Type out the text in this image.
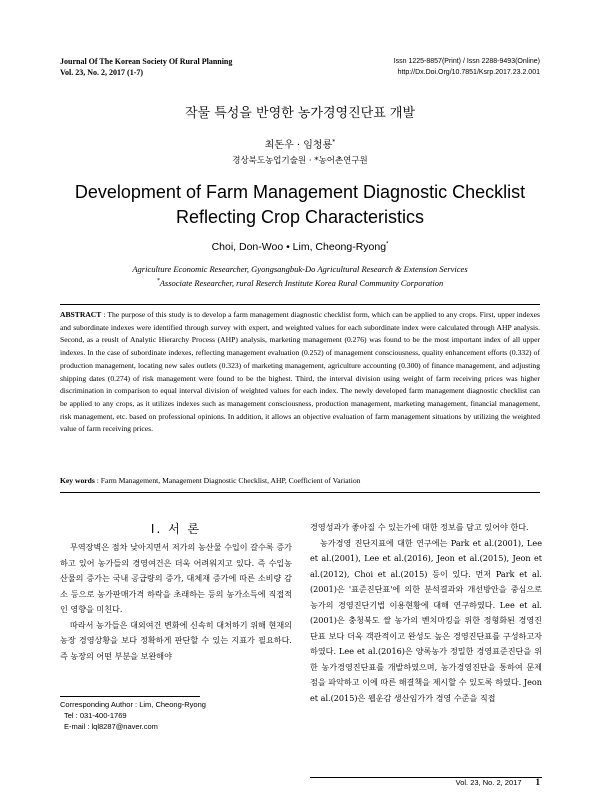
Journal Of The Korean Society Of Rural Planning
Vol. 23, No. 2, 2017 (1-7)
Issn 1225-8857(Print) / Issn 2288-9493(Online)
http://Dx.Doi.Org/10.7851/Ksrp.2017.23.2.001
작물 특성을 반영한 농가경영진단표 개발
최돈우 · 임청룡*
경상북도농업기술원 · *농어촌연구원
Development of Farm Management Diagnostic Checklist Reflecting Crop Characteristics
Choi, Don-Woo • Lim, Cheong-Ryong*
Agriculture Economic Researcher, Gyongsangbuk-Do Agricultural Research & Extension Services
*Associate Researcher, rural Reserch Institute Korea Rural Community Corporation

ABSTRACT : The purpose of this study is to develop a farm management diagnostic checklist form, which can be applied to any crops. First, upper indexes and subordinate indexes were identified through survey with expert, and weighted values for each subordinate index were calculated through AHP analysis. Second, as a reuslt of Analytic Hierarchy Process (AHP) analysis, marketing management (0.276) was found to be the most important index of all upper indexes. In the case of subordinate indexes, reflecting management evaluation (0.252) of management consciousness, quality enhancement efforts (0.332) of production management, locating new sales outlets (0.323) of marketing management, agriculture accounting (0.300) of finance management, and adjusting shipping dates (0.274) of risk management were found to be the highest. Third, the interval division using weight of farm receiving prices was higher discrimination in comparison to equal interval division of weighted values for each index. The newly developed farm management diagnostic checklist can be applied to any crops, as it utilizes indexes such as management consciousness, production management, marketing management, financial management, risk management, etc. based on professional opinions. In addition, it allows an objective evaluation of farm management situations by utilizing the weighted value of farm receiving prices.

Key words : Farm Management, Management Diagnostic Checklist, AHP, Coefficient of Variation

I. 서 론

무역장벽은 점차 낮아지면서 저가의 농산물 수입이 갈수록 증가하고 있어 농가들의 경영여건은 더욱 어려워지고 있다. 즉 수입농산물의 증가는 국내 공급량의 증가, 대체재 증가에 따른 소비량 감소 등으로 농가판매가격 하락을 초래하는 등의 농가소득에 직접적인 영향을 미친다.

따라서 농가들은 대외여건 변화에 신속히 대처하기 위해 현재의 농장 경영상황을 보다 정확하게 판단할 수 있는 지표가 필요하다. 즉 농장의 어떤 부분을 보완해야

경영성과가 좋아질 수 있는가에 대한 정보를 담고 있어야 한다.

농가경영 진단지표에 대한 연구에는 Park et al.(2001), Lee et al.(2001), Lee et al.(2016), Jeon et al.(2015), Jeon et al.(2012), Choi et al.(2015) 등이 있다. 먼저 Park et al.(2001)은 '표준진단표'에 의한 분석결과와 개선방안을 중심으로 농가의 경영진단기법 이용현황에 대해 연구하였다. Lee et al.(2001)은 충청북도 쌀 농가의 벤치마킹을 위한 정형화된 경영진단표 보다 더욱 객관적이고 완성도 높은 경영진단표를 구성하고자 하였다. Lee et al.(2016)은 양록농가 정밀한 경영표준진단을 위한 농가경영진단표를 개발하였으며, 농가경영진단을 통하여 문제점을 파악하고 이에 따른 해결책을 제시할 수 있도록 하였다. Jeon et al.(2015)은 웹운감 생산임가가 경영 수준을 직접

Corresponding Author : Lim, Cheong-Ryong
Tel : 031-400-1769
E-mail : lql8287@naver.com
Vol. 23, No. 2, 2017 1
